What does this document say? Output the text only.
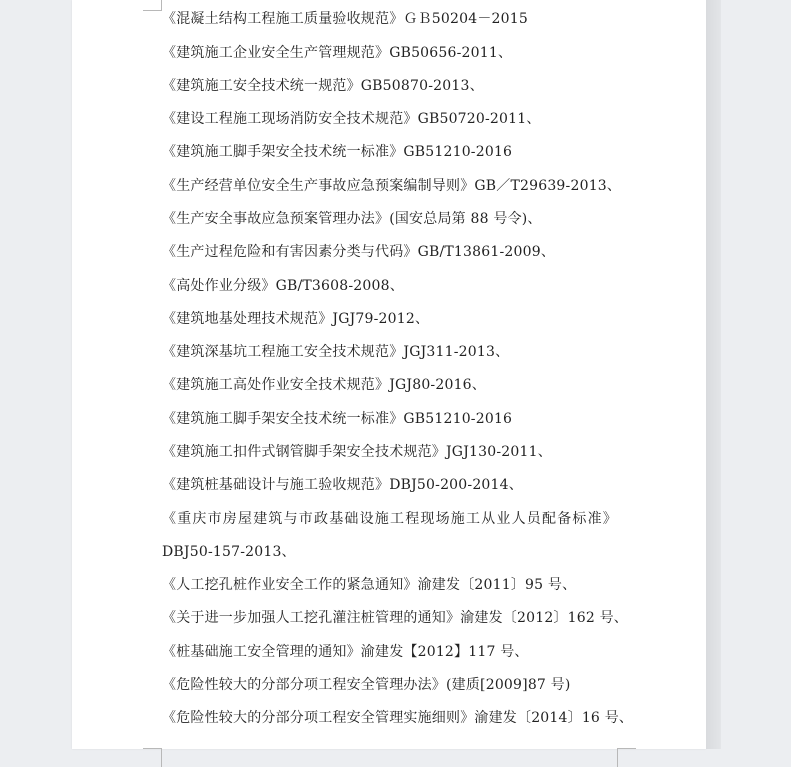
《混凝土结构工程施工质量验收规范》ＧＢ50204－2015
《建筑施工企业安全生产管理规范》GB50656-2011、
《建筑施工安全技术统一规范》GB50870-2013、
《建设工程施工现场消防安全技术规范》GB50720-2011、
《建筑施工脚手架安全技术统一标准》GB51210-2016
《生产经营单位安全生产事故应急预案编制导则》GB／T29639-2013、
《生产安全事故应急预案管理办法》(国安总局第 88 号令)、
《生产过程危险和有害因素分类与代码》GB/T13861-2009、
《高处作业分级》GB/T3608-2008、
《建筑地基处理技术规范》JGJ79-2012、
《建筑深基坑工程施工安全技术规范》JGJ311-2013、
《建筑施工高处作业安全技术规范》JGJ80-2016、
《建筑施工脚手架安全技术统一标准》GB51210-2016
《建筑施工扣件式钢管脚手架安全技术规范》JGJ130-2011、
《建筑桩基础设计与施工验收规范》DBJ50-200-2014、
《重庆市房屋建筑与市政基础设施工程现场施工从业人员配备标准》
DBJ50-157-2013、
《人工挖孔桩作业安全工作的紧急通知》渝建发〔2011〕95 号、
《关于进一步加强人工挖孔灌注桩管理的通知》渝建发〔2012〕162 号、
《桩基础施工安全管理的通知》渝建发【2012】117 号、
《危险性较大的分部分项工程安全管理办法》(建质[2009]87 号)
《危险性较大的分部分项工程安全管理实施细则》渝建发〔2014〕16 号、
